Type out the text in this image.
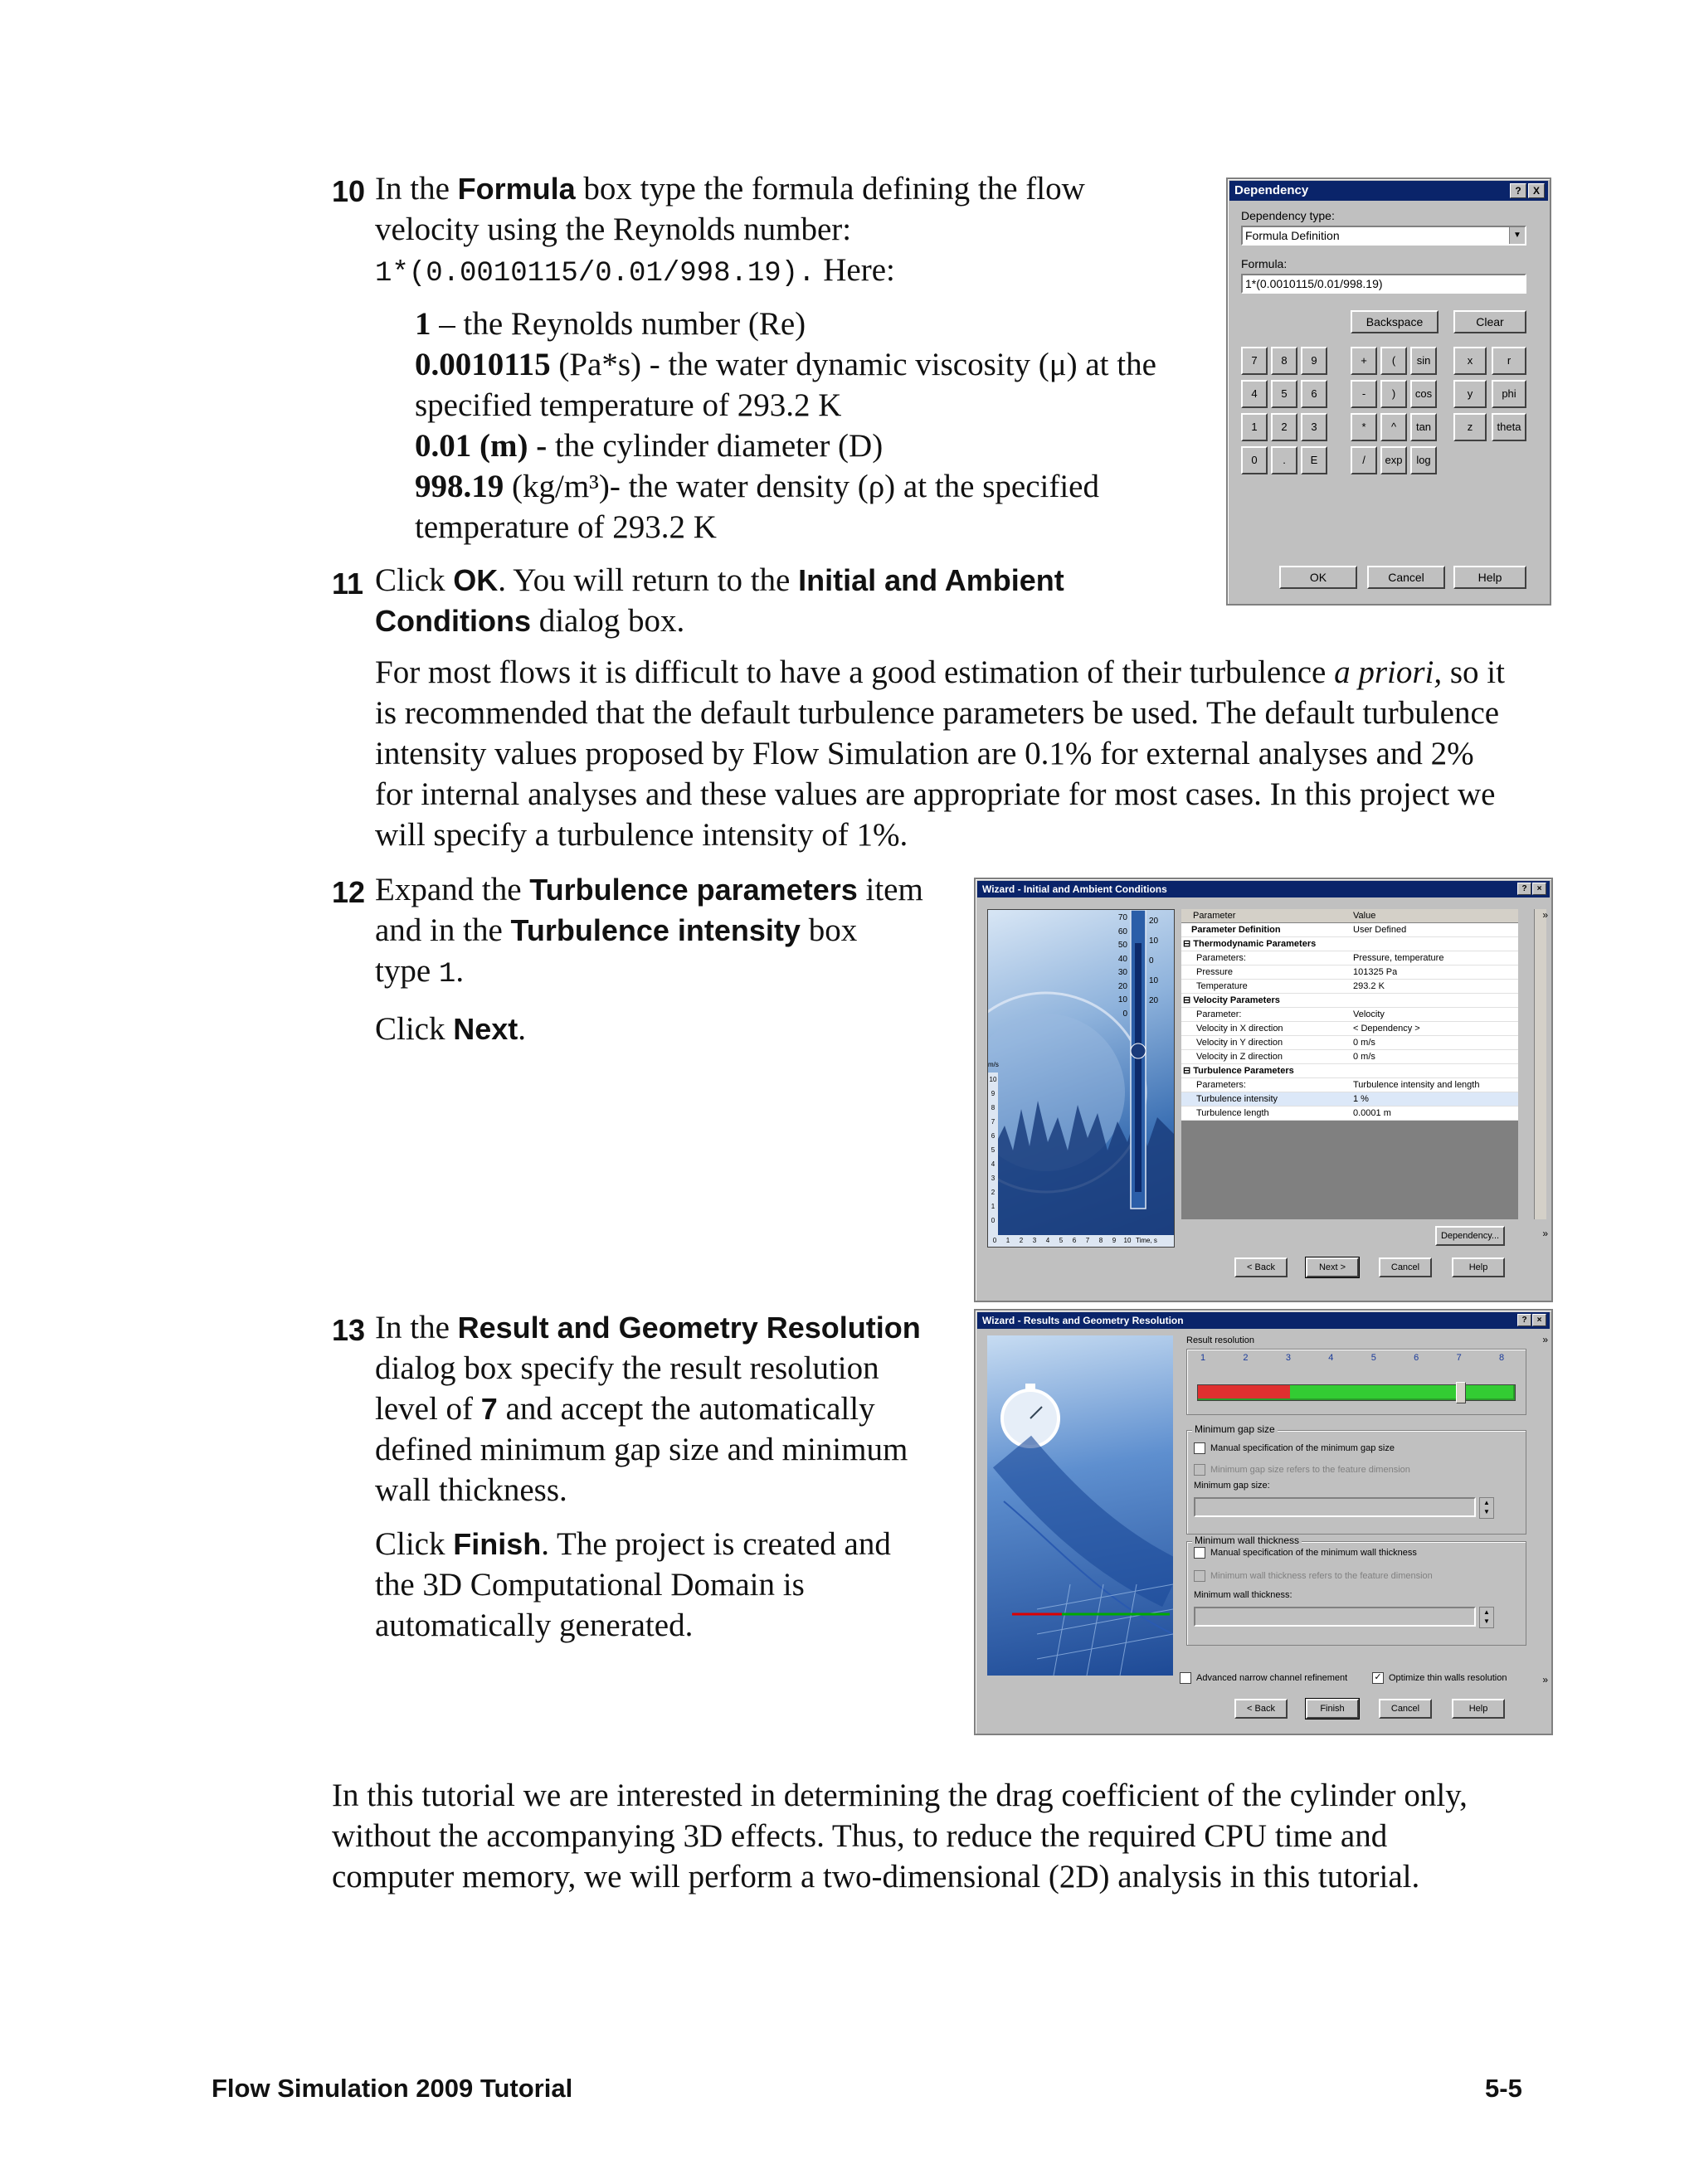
10 In the Formula box type the formula defining the flow
velocity using the Reynolds number:
1*(0.0010115/0.01/998.19). Here:
1 – the Reynolds number (Re)
0.0010115 (Pa*s) - the water dynamic viscosity (μ) at the
specified temperature of 293.2 K
0.01 (m) - the cylinder diameter (D)
998.19 (kg/m³)- the water density (ρ) at the specified
temperature of 293.2 K
11 Click OK. You will return to the Initial and Ambient
Conditions dialog box.
For most flows it is difficult to have a good estimation of their turbulence a priori, so it
is recommended that the default turbulence parameters be used. The default turbulence
intensity values proposed by Flow Simulation are 0.1% for external analyses and 2%
for internal analyses and these values are appropriate for most cases. In this project we
will specify a turbulence intensity of 1%.
12 Expand the Turbulence parameters item
and in the Turbulence intensity box
type 1.
Click Next.
13 In the Result and Geometry Resolution
dialog box specify the result resolution
level of 7 and accept the automatically
defined minimum gap size and minimum
wall thickness.
Click Finish. The project is created and
the 3D Computational Domain is
automatically generated.
In this tutorial we are interested in determining the drag coefficient of the cylinder only,
without the accompanying 3D effects. Thus, to reduce the required CPU time and
computer memory, we will perform a two-dimensional (2D) analysis in this tutorial.
Flow Simulation 2009 Tutorial	5-5
Dependency	?	X
Dependency type:
Formula Definition	▼
Formula:
1*(0.0010115/0.01/998.19)
Backspace	Clear
7	8	9
4	5	6
1	2	3
0	.	E
+	(	sin
-	)	cos
*	^	tan
/	exp	log
x	r
y	phi
z	theta
OK	Cancel	Help
Wizard - Initial and Ambient Conditions	?	×
70
60
50
40
30
20
10
0
20
10
0
10
20
10
9
8
7
6
5
4
3
2
1
0
m/s
0	1	2	3	4	5	6	7	8	9	10 Time, s
Parameter	Value
Parameter Definition	User Defined
⊟ Thermodynamic Parameters
Parameters:	Pressure, temperature
Pressure	101325 Pa
Temperature	293.2 K
⊟ Velocity Parameters
Parameter:	Velocity
Velocity in X direction	< Dependency >
Velocity in Y direction	0 m/s
Velocity in Z direction	0 m/s
⊟ Turbulence Parameters
Parameters:	Turbulence intensity and length
Turbulence intensity	1 %
Turbulence length	0.0001 m
»
Dependency...	»
< Back	Next >	Cancel	Help
Wizard - Results and Geometry Resolution	?	×
Result resolution
1	2	3	4	5	6	7	8
»
Minimum gap size
Manual specification of the minimum gap size
Minimum gap size refers to the feature dimension
Minimum gap size:
▲
▼
Minimum wall thickness
Manual specification of the minimum wall thickness
Minimum wall thickness refers to the feature dimension
Minimum wall thickness:
▲
▼
Advanced narrow channel refinement	✓ Optimize thin walls resolution	»
< Back	Finish	Cancel	Help
